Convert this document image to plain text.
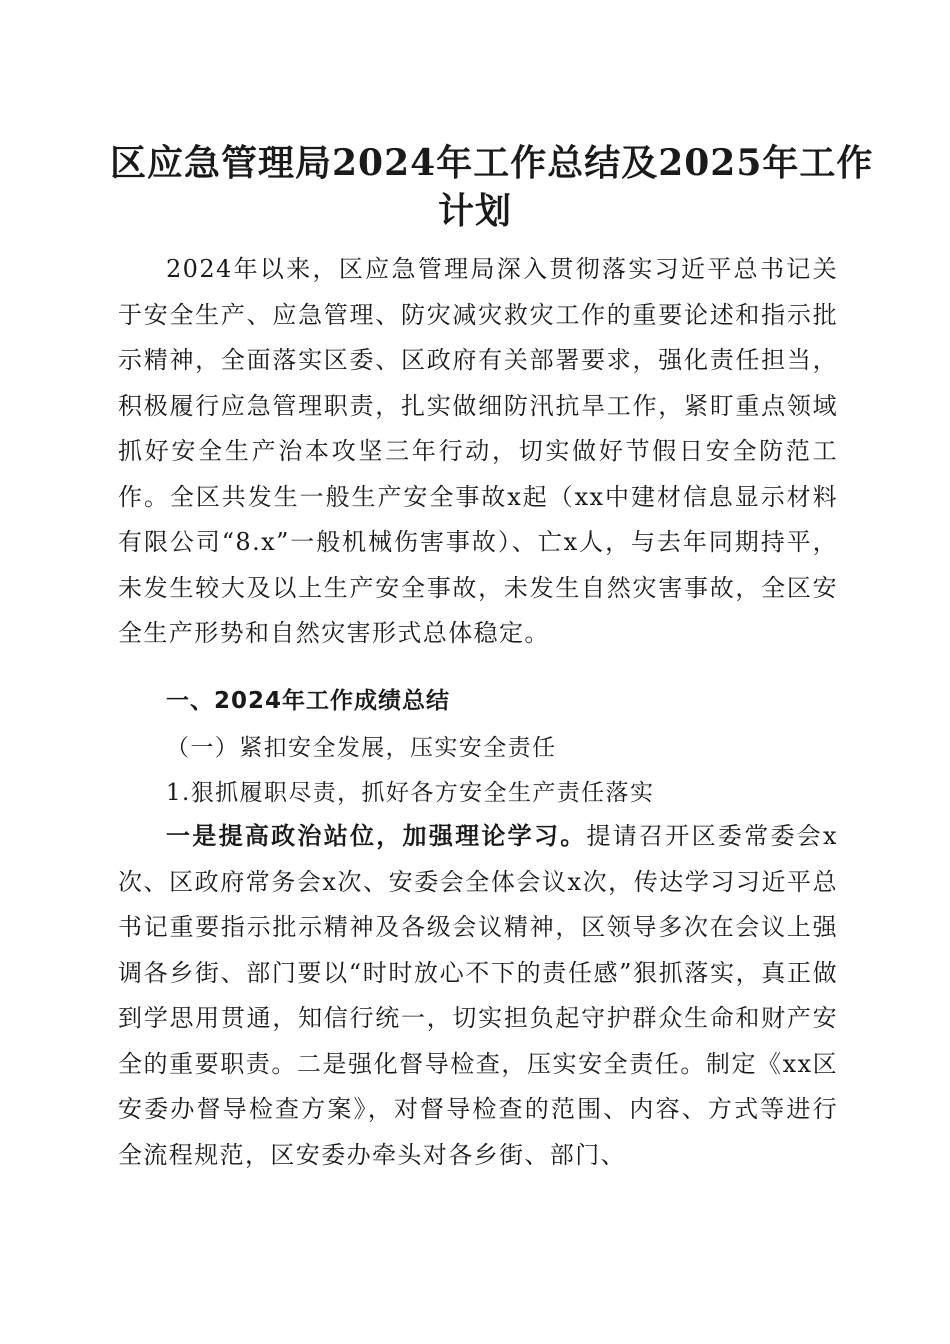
区应急管理局2024年工作总结及2025年工作
计划

2024年以来，区应急管理局深入贯彻落实习近平总书记关于安全生产、应急管理、防灾减灾救灾工作的重要论述和指示批示精神，全面落实区委、区政府有关部署要求，强化责任担当，积极履行应急管理职责，扎实做细防汛抗旱工作，紧盯重点领域抓好安全生产治本攻坚三年行动，切实做好节假日安全防范工作。全区共发生一般生产安全事故x起（xx中建材信息显示材料有限公司“8.x”一般机械伤害事故）、亡x人，与去年同期持平，未发生较大及以上生产安全事故，未发生自然灾害事故，全区安全生产形势和自然灾害形式总体稳定。

一、2024年工作成绩总结

（一）紧扣安全发展，压实安全责任

1.狠抓履职尽责，抓好各方安全生产责任落实

一是提高政治站位，加强理论学习。提请召开区委常委会x次、区政府常务会x次、安委会全体会议x次，传达学习习近平总书记重要指示批示精神及各级会议精神，区领导多次在会议上强调各乡街、部门要以“时时放心不下的责任感”狠抓落实，真正做到学思用贯通，知信行统一，切实担负起守护群众生命和财产安全的重要职责。二是强化督导检查，压实安全责任。制定《xx区安委办督导检查方案》，对督导检查的范围、内容、方式等进行全流程规范，区安委办牵头对各乡街、部门、
